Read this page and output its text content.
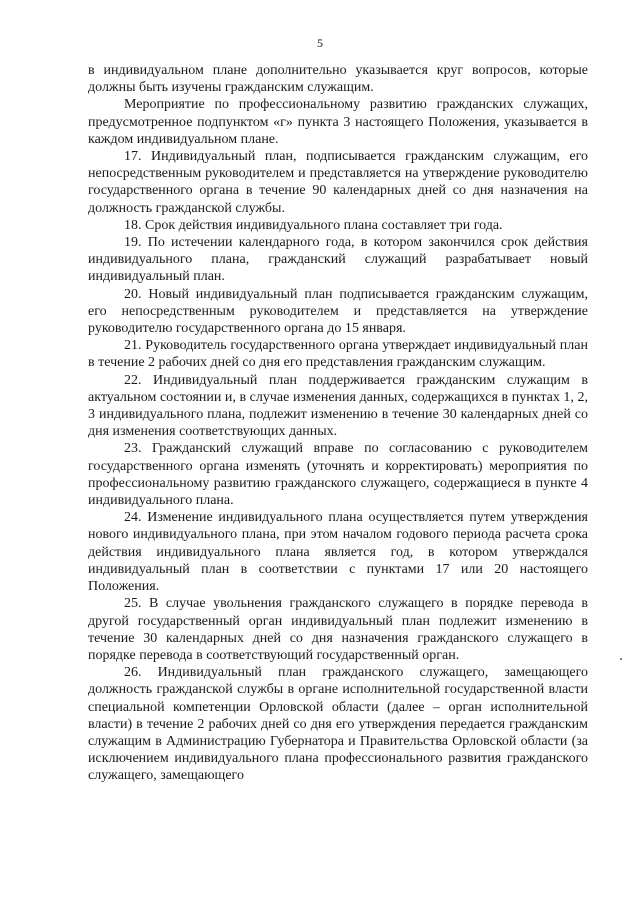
5

в индивидуальном плане дополнительно указывается круг вопросов, которые должны быть изучены гражданским служащим.

Мероприятие по профессиональному развитию гражданских служащих, предусмотренное подпунктом «г» пункта 3 настоящего Положения, указывается в каждом индивидуальном плане.

17. Индивидуальный план, подписывается гражданским служащим, его непосредственным руководителем и представляется на утверждение руководителю государственного органа в течение 90 календарных дней со дня назначения на должность гражданской службы.

18. Срок действия индивидуального плана составляет три года.

19. По истечении календарного года, в котором закончился срок действия индивидуального плана, гражданский служащий разрабатывает новый индивидуальный план.

20. Новый индивидуальный план подписывается гражданским служащим, его непосредственным руководителем и представляется на утверждение руководителю государственного органа до 15 января.

21. Руководитель государственного органа утверждает индивидуальный план в течение 2 рабочих дней со дня его представления гражданским служащим.

22. Индивидуальный план поддерживается гражданским служащим в актуальном состоянии и, в случае изменения данных, содержащихся в пунктах 1, 2, 3 индивидуального плана, подлежит изменению в течение 30 календарных дней со дня изменения соответствующих данных.

23. Гражданский служащий вправе по согласованию с руководителем государственного органа изменять (уточнять и корректировать) мероприятия по профессиональному развитию гражданского служащего, содержащиеся в пункте 4 индивидуального плана.

24. Изменение индивидуального плана осуществляется путем утверждения нового индивидуального плана, при этом началом годового периода расчета срока действия индивидуального плана является год, в котором утверждался индивидуальный план в соответствии с пунктами 17 или 20 настоящего Положения.

25. В случае увольнения гражданского служащего в порядке перевода в другой государственный орган индивидуальный план подлежит изменению в течение 30 календарных дней со дня назначения гражданского служащего в порядке перевода в соответствующий государственный орган.

26. Индивидуальный план гражданского служащего, замещающего должность гражданской службы в органе исполнительной государственной власти специальной компетенции Орловской области (далее – орган исполнительной власти) в течение 2 рабочих дней со дня его утверждения передается гражданским служащим в Администрацию Губернатора и Правительства Орловской области (за исключением индивидуального плана профессионального развития гражданского служащего, замещающего
